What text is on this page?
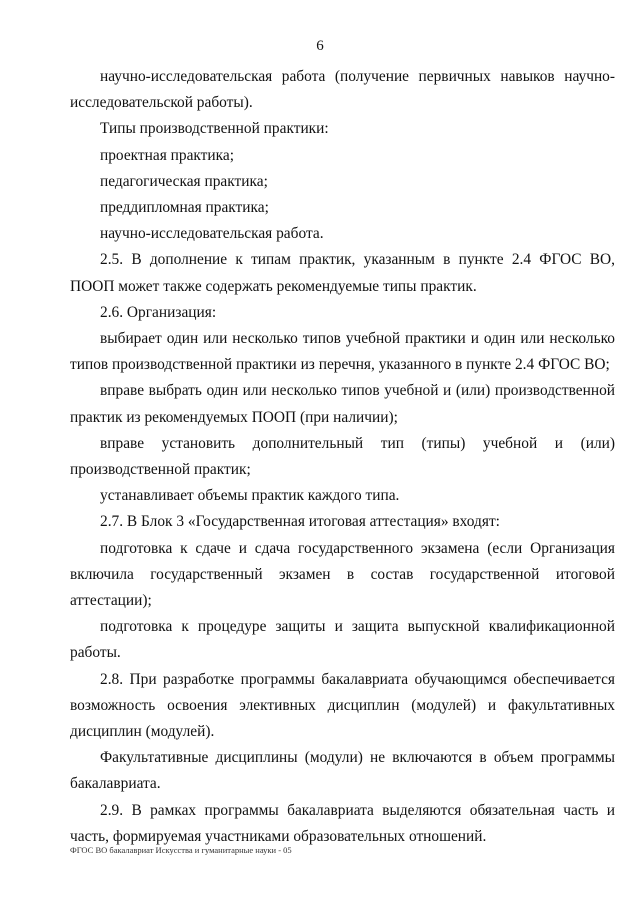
6

научно-исследовательская работа (получение первичных навыков научно-исследовательской работы).

Типы производственной практики:

проектная практика;

педагогическая практика;

преддипломная практика;

научно-исследовательская работа.

2.5. В дополнение к типам практик, указанным в пункте 2.4 ФГОС ВО, ПООП может также содержать рекомендуемые типы практик.

2.6. Организация:

выбирает один или несколько типов учебной практики и один или несколько типов производственной практики из перечня, указанного в пункте 2.4 ФГОС ВО;

вправе выбрать один или несколько типов учебной и (или) производственной практик из рекомендуемых ПООП (при наличии);

вправе установить дополнительный тип (типы) учебной и (или) производственной практик;

устанавливает объемы практик каждого типа.

2.7. В Блок 3 «Государственная итоговая аттестация» входят:

подготовка к сдаче и сдача государственного экзамена (если Организация включила государственный экзамен в состав государственной итоговой аттестации);

подготовка к процедуре защиты и защита выпускной квалификационной работы.

2.8. При разработке программы бакалавриата обучающимся обеспечивается возможность освоения элективных дисциплин (модулей) и факультативных дисциплин (модулей).

Факультативные дисциплины (модули) не включаются в объем программы бакалавриата.

2.9. В рамках программы бакалавриата выделяются обязательная часть и часть, формируемая участниками образовательных отношений.

ФГОС ВО бакалавриат Искусства и гуманитарные науки - 05
